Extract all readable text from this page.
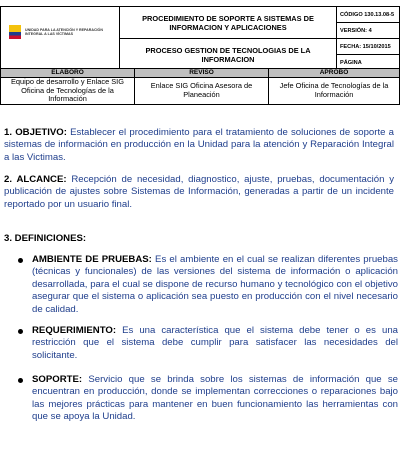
UNIDAD PARA LA ATENCIÓN Y REPARACIÓN INTEGRAL A LAS VÍCTIMAS	PROCEDIMIENTO DE SOPORTE A SISTEMAS DE INFORMACION Y APLICACIONES	CÓDIGO 130.13.08-5
		VERSIÓN: 4
	PROCESO GESTION DE TECNOLOGIAS DE LA INFORMACION	FECHA: 15/10/2015
		PÁGINA
ELABORO	REVISO	APROBO
Equipo de desarrollo y Enlace SIG Oficina de Tecnologías de la Información	Enlace SIG Oficina Asesora de Planeación	Jefe Oficina de Tecnologías de la Información
1. OBJETIVO: Establecer el procedimiento para el tratamiento de soluciones de soporte a sistemas de información en producción en la Unidad para la atención y Reparación Integral a las Victimas.
2. ALCANCE: Recepción de necesidad, diagnostico, ajuste, pruebas, documentación y publicación de ajustes sobre Sistemas de Información, generadas a partir de un incidente reportado por un usuario final.
3. DEFINICIONES:
AMBIENTE DE PRUEBAS: Es el ambiente en el cual se realizan diferentes pruebas (técnicas y funcionales) de las versiones del sistema de información o aplicación desarrollada, para el cual se dispone de recurso humano y tecnológico con el objetivo asegurar que el sistema o aplicación sea puesto en producción con el nivel necesario de calidad.
REQUERIMIENTO: Es una característica que el sistema debe tener o es una restricción que el sistema debe cumplir para satisfacer las necesidades del solicitante.
SOPORTE: Servicio que se brinda sobre los sistemas de información que se encuentran en producción, donde se implementan correcciones o reparaciones bajo las mejores prácticas para mantener en buen funcionamiento las herramientas con que se apoya la Unidad.
